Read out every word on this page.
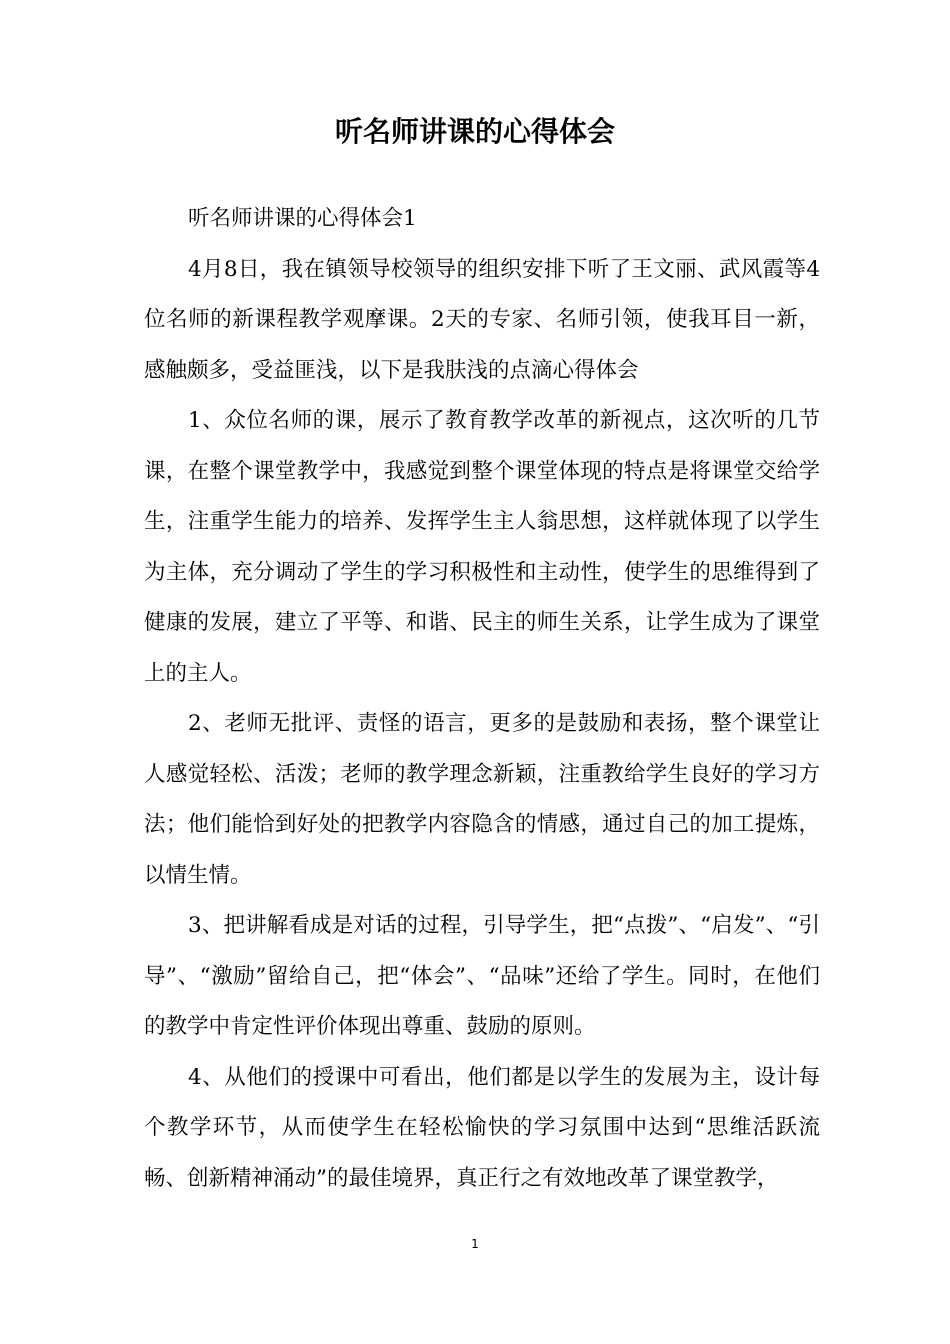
听名师讲课的心得体会

听名师讲课的心得体会1

4月8日，我在镇领导校领导的组织安排下听了王文丽、武风霞等4位名师的新课程教学观摩课。2天的专家、名师引领，使我耳目一新，感触颇多，受益匪浅，以下是我肤浅的点滴心得体会

1、众位名师的课，展示了教育教学改革的新视点，这次听的几节课，在整个课堂教学中，我感觉到整个课堂体现的特点是将课堂交给学生，注重学生能力的培养、发挥学生主人翁思想，这样就体现了以学生为主体，充分调动了学生的学习积极性和主动性，使学生的思维得到了健康的发展，建立了平等、和谐、民主的师生关系，让学生成为了课堂上的主人。

2、老师无批评、责怪的语言，更多的是鼓励和表扬，整个课堂让人感觉轻松、活泼；老师的教学理念新颖，注重教给学生良好的学习方法；他们能恰到好处的把教学内容隐含的情感，通过自己的加工提炼，以情生情。

3、把讲解看成是对话的过程，引导学生，把“点拨”、“启发”、“引导”、“激励”留给自己，把“体会”、“品味”还给了学生。同时，在他们的教学中肯定性评价体现出尊重、鼓励的原则。

4、从他们的授课中可看出，他们都是以学生的发展为主，设计每个教学环节，从而使学生在轻松愉快的学习氛围中达到“思维活跃流畅、创新精神涌动”的最佳境界，真正行之有效地改革了课堂教学，

1
